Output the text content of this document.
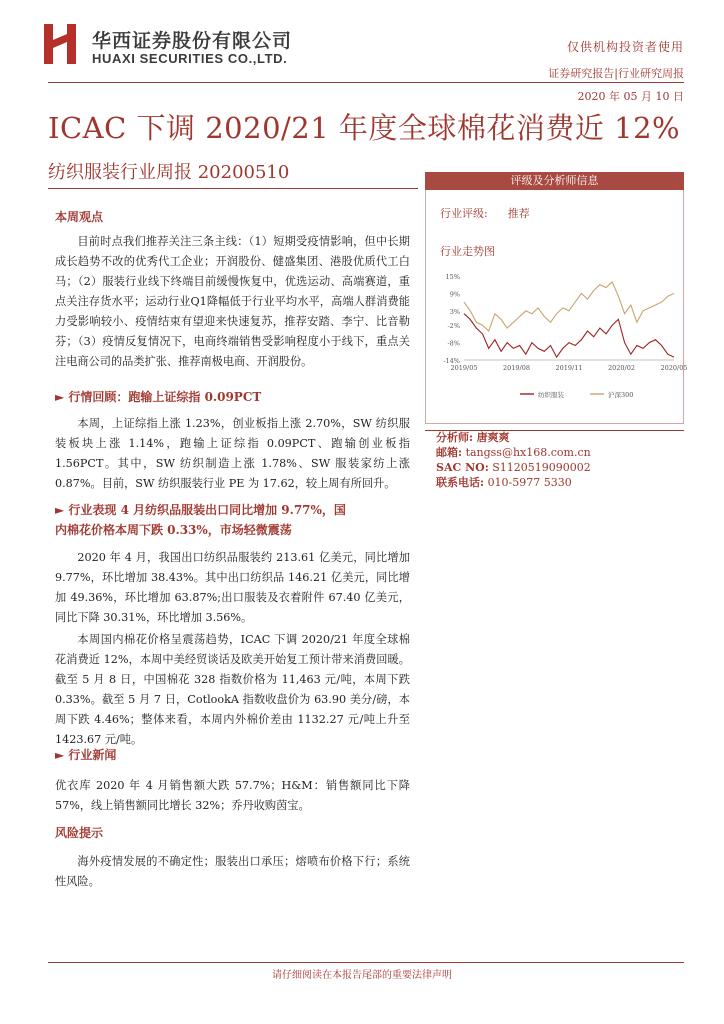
华西证券股份有限公司
HUAXI SECURITIES CO.,LTD.
仅供机构投资者使用
证券研究报告|行业研究周报
2020 年 05 月 10 日
ICAC 下调 2020/21 年度全球棉花消费近 12%
纺织服装行业周报 20200510	评级及分析师信息
行业评级: 推荐
行业走势图
15%
9%
3%
-2%
-8%
-14%
2019/05	2019/08	2019/11	2020/02	2020/05
纺织服装	沪深300
分析师: 唐爽爽
邮箱: tangss@hx168.com.cn
SAC NO: S1120519090002
联系电话: 010-5977 5330
本周观点

目前时点我们推荐关注三条主线：（1）短期受疫情影响，但中长期成长趋势不改的优秀代工企业；开润股份、健盛集团、港股优质代工白马；（2）服装行业线下终端目前缓慢恢复中，优选运动、高端赛道，重点关注存货水平；运动行业Q1降幅低于行业平均水平，高端人群消费能力受影响较小、疫情结束有望迎来快速复苏，推荐安踏、李宁、比音勒芬；（3）疫情反复情况下，电商终端销售受影响程度小于线下，重点关注电商公司的品类扩张、推荐南极电商、开润股份。

► 行情回顾：跑输上证综指 0.09PCT

本周，上证综指上涨 1.23%，创业板指上涨 2.70%，SW 纺织服装板块上涨 1.14%，跑输上证综指 0.09PCT、跑输创业板指 1.56PCT。其中，SW 纺织制造上涨 1.78%、SW 服装家纺上涨 0.87%。目前，SW 纺织服装行业 PE 为 17.62，较上周有所回升。

► 行业表现 4 月纺织品服装出口同比增加 9.77%，国
内棉花价格本周下跌 0.33%，市场轻微震荡

2020 年 4 月，我国出口纺织品服装约 213.61 亿美元，同比增加 9.77%，环比增加 38.43%。其中出口纺织品 146.21 亿美元，同比增加 49.36%，环比增加 63.87%;出口服装及衣着附件 67.40 亿美元，同比下降 30.31%，环比增加 3.56%。

本周国内棉花价格呈震荡趋势，ICAC 下调 2020/21 年度全球棉花消费近 12%，本周中美经贸谈话及欧美开始复工预计带来消费回暖。截至 5 月 8 日，中国棉花 328 指数价格为 11,463 元/吨，本周下跌 0.33%。截至 5 月 7 日，CotlookA 指数收盘价为 63.90 美分/磅，本周下跌 4.46%；整体来看，本周内外棉价差由 1132.27 元/吨上升至 1423.67 元/吨。

► 行业新闻

优衣库 2020 年 4 月销售额大跌 57.7%；H&M：销售额同比下降 57%，线上销售额同比增长 32%；乔丹收购茵宝。

风险提示

海外疫情发展的不确定性；服装出口承压；熔喷布价格下行；系统性风险。

请仔细阅读在本报告尾部的重要法律声明
